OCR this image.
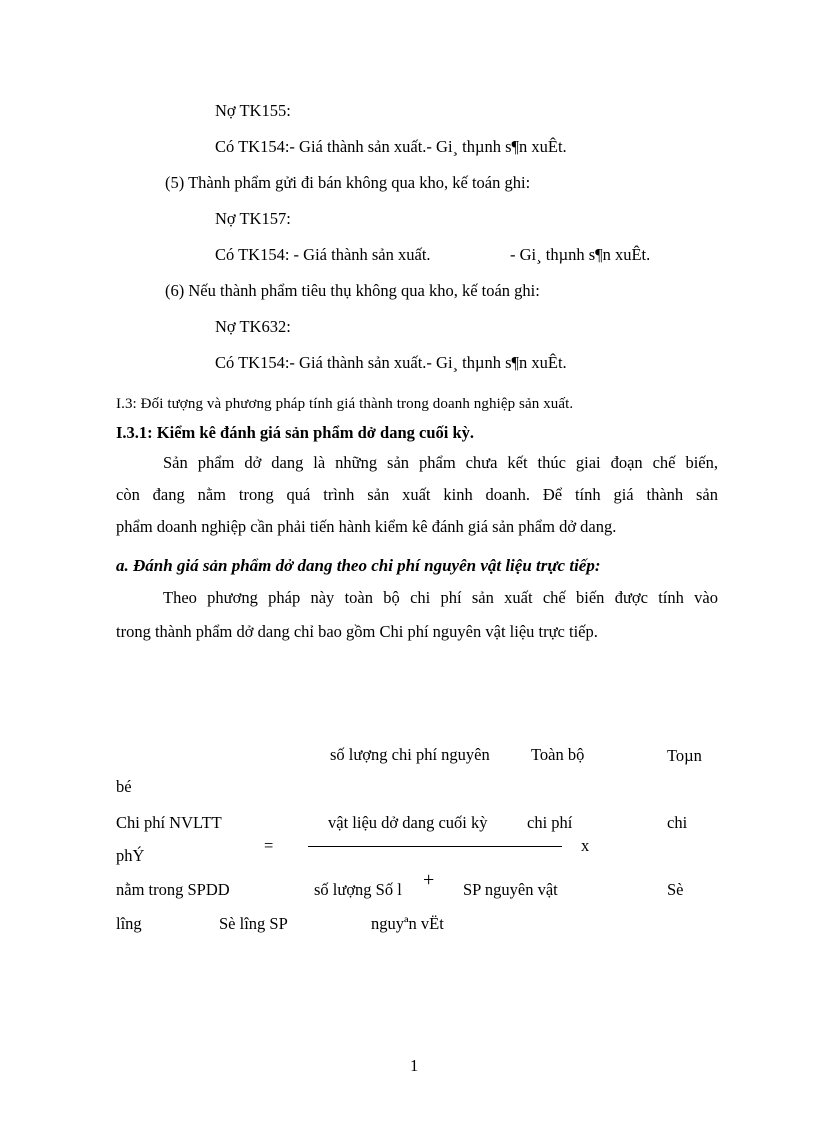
Nợ TK155:
Có TK154:- Giá thành sản xuất.- Gi¸ thµnh s¶n xuÊt.
(5) Thành phẩm gửi đi bán không qua kho, kế toán ghi:
Nợ TK157:
Có TK154: - Giá thành sản xuất.	- Gi¸ thµnh s¶n xuÊt.
(6) Nếu thành phẩm tiêu thụ không qua kho, kế toán ghi:
Nợ TK632:
Có TK154:- Giá thành sản xuất.- Gi¸ thµnh s¶n xuÊt.
I.3: Đối tượng và phương pháp tính giá thành trong doanh nghiệp sản xuất.
I.3.1: Kiểm kê đánh giá sản phẩm dở dang cuối kỳ.
Sản phẩm dở dang là những sản phẩm chưa kết thúc giai đoạn chế biến,
còn đang nằm trong quá trình sản xuất kinh doanh. Để tính giá thành sản
phẩm doanh nghiệp cần phải tiến hành kiểm kê đánh giá sản phẩm dở dang.
a. Đánh giá sản phẩm dở dang theo chi phí nguyên vật liệu trực tiếp:
Theo phương pháp này toàn bộ chi phí sản xuất chế biến được tính vào
trong thành phẩm dở dang chỉ bao gồm Chi phí nguyên vật liệu trực tiếp.
số lượng chi phí nguyên	Toàn bộ	Toµn
bé
Chi phí NVLTT	vật liệu dở dang cuối kỳ chi phí	chi
phÝ
=	x
nằm trong SPDD	số lượng Số l + SP nguyên vật	Sè
lîng	Sè lîng SP	nguyªn vËt
1
